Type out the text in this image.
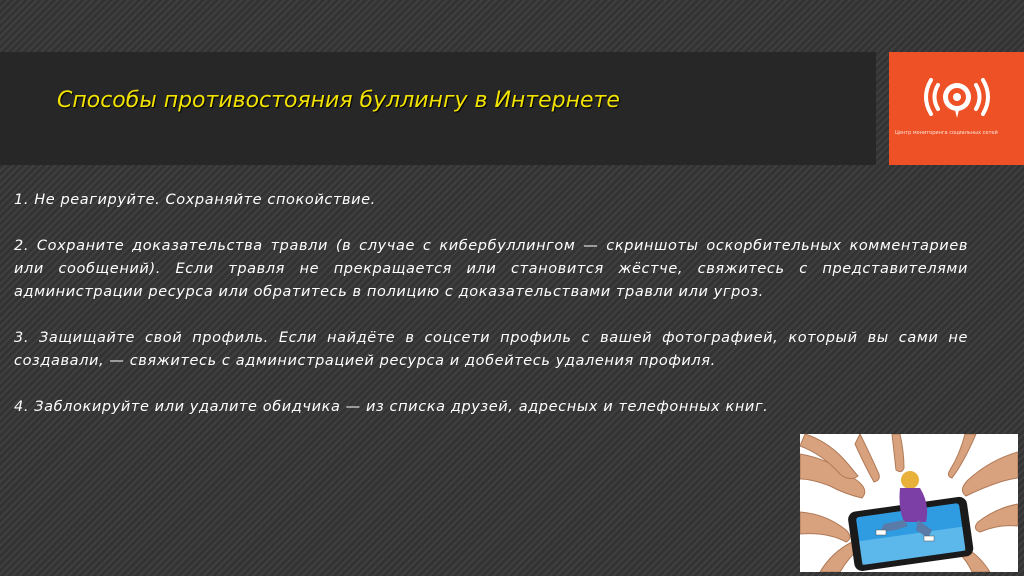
Способы противостояния буллингу в Интернете
Центр мониторинга социальных сетей

1. Не реагируйте. Сохраняйте спокойствие.

2. Сохраните доказательства травли (в случае с кибербуллингом — скриншоты оскорбительных комментариев или сообщений). Если травля не прекращается или становится жёстче, свяжитесь с представителями администрации ресурса или обратитесь в полицию с доказательствами травли или угроз.

3. Защищайте свой профиль. Если найдёте в соцсети профиль с вашей фотографией, который вы сами не создавали, — свяжитесь с администрацией ресурса и добейтесь удаления профиля.

4. Заблокируйте или удалите обидчика — из списка друзей, адресных и телефонных книг.
